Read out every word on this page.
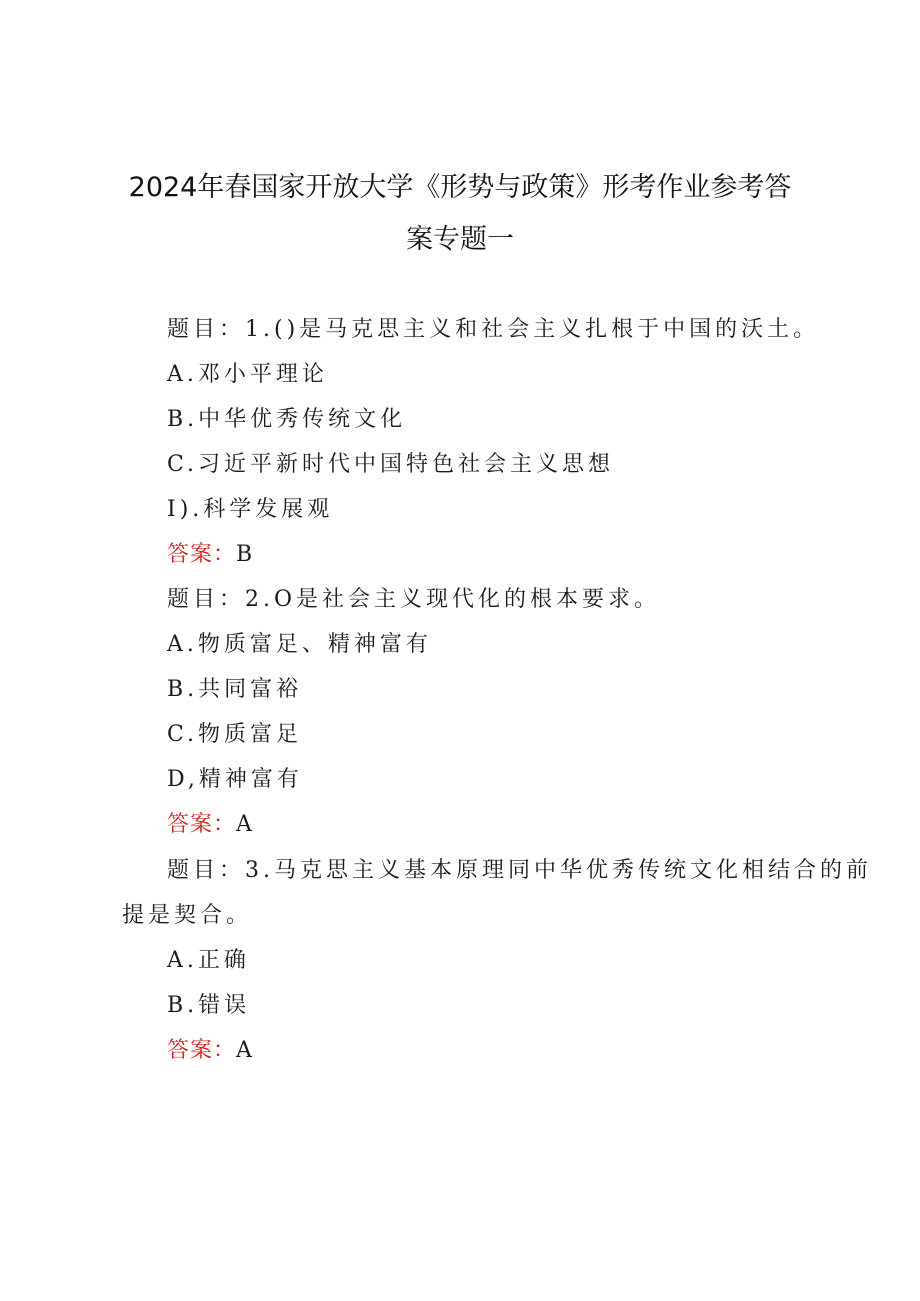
2024年春国家开放大学《形势与政策》形考作业参考答
案专题一
题目：1.()是马克思主义和社会主义扎根于中国的沃土。
A.邓小平理论
B.中华优秀传统文化
C.习近平新时代中国特色社会主义思想
I).科学发展观
答案：B
题目：2.O是社会主义现代化的根本要求。
A.物质富足、精神富有
B.共同富裕
C.物质富足
D,精神富有
答案：A
题目：3.马克思主义基本原理同中华优秀传统文化相结合的前
提是契合。
A.正确
B.错误
答案：A
